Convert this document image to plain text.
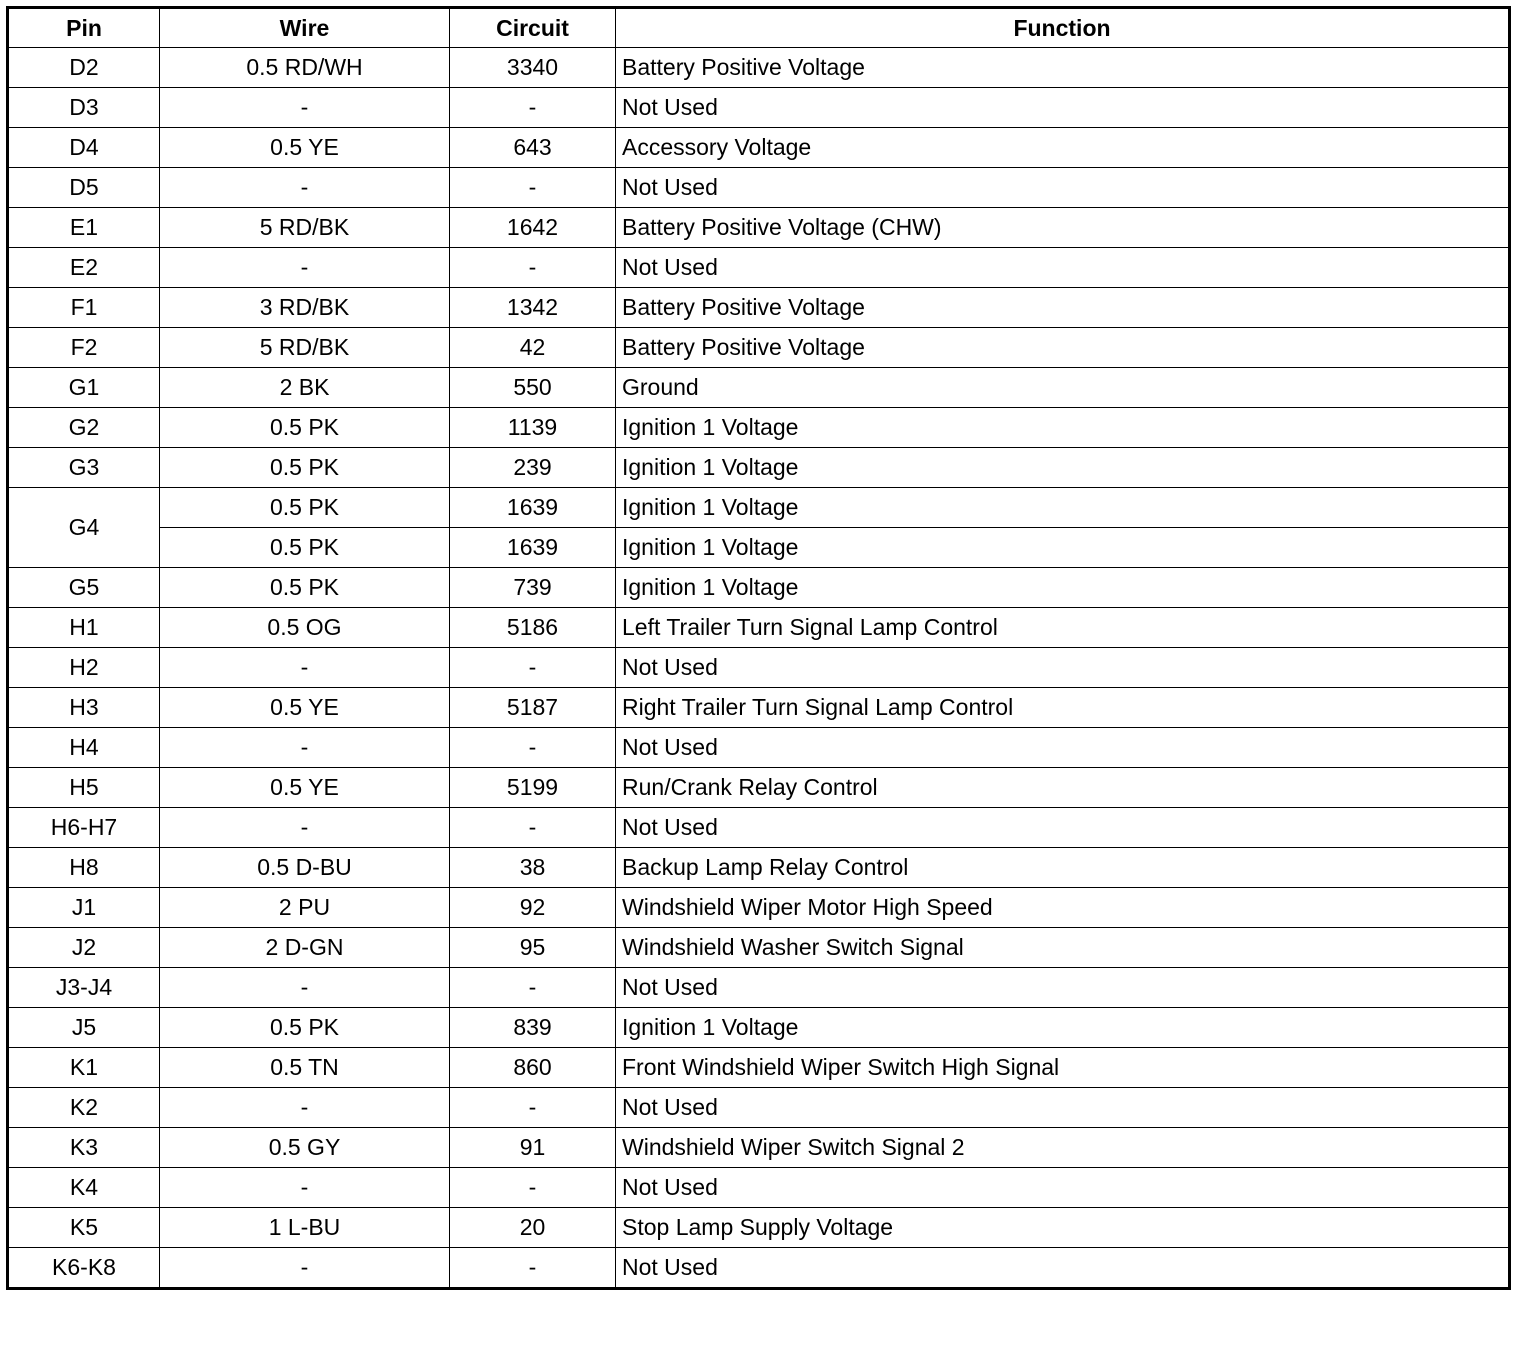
Pin	Wire	Circuit	Function
D2	0.5 RD/WH	3340	Battery Positive Voltage
D3	-	-	Not Used
D4	0.5 YE	643	Accessory Voltage
D5	-	-	Not Used
E1	5 RD/BK	1642	Battery Positive Voltage (CHW)
E2	-	-	Not Used
F1	3 RD/BK	1342	Battery Positive Voltage
F2	5 RD/BK	42	Battery Positive Voltage
G1	2 BK	550	Ground
G2	0.5 PK	1139	Ignition 1 Voltage
G3	0.5 PK	239	Ignition 1 Voltage
G4	0.5 PK	1639	Ignition 1 Voltage
	0.5 PK	1639	Ignition 1 Voltage
G5	0.5 PK	739	Ignition 1 Voltage
H1	0.5 OG	5186	Left Trailer Turn Signal Lamp Control
H2	-	-	Not Used
H3	0.5 YE	5187	Right Trailer Turn Signal Lamp Control
H4	-	-	Not Used
H5	0.5 YE	5199	Run/Crank Relay Control
H6-H7	-	-	Not Used
H8	0.5 D-BU	38	Backup Lamp Relay Control
J1	2 PU	92	Windshield Wiper Motor High Speed
J2	2 D-GN	95	Windshield Washer Switch Signal
J3-J4	-	-	Not Used
J5	0.5 PK	839	Ignition 1 Voltage
K1	0.5 TN	860	Front Windshield Wiper Switch High Signal
K2	-	-	Not Used
K3	0.5 GY	91	Windshield Wiper Switch Signal 2
K4	-	-	Not Used
K5	1 L-BU	20	Stop Lamp Supply Voltage
K6-K8	-	-	Not Used
